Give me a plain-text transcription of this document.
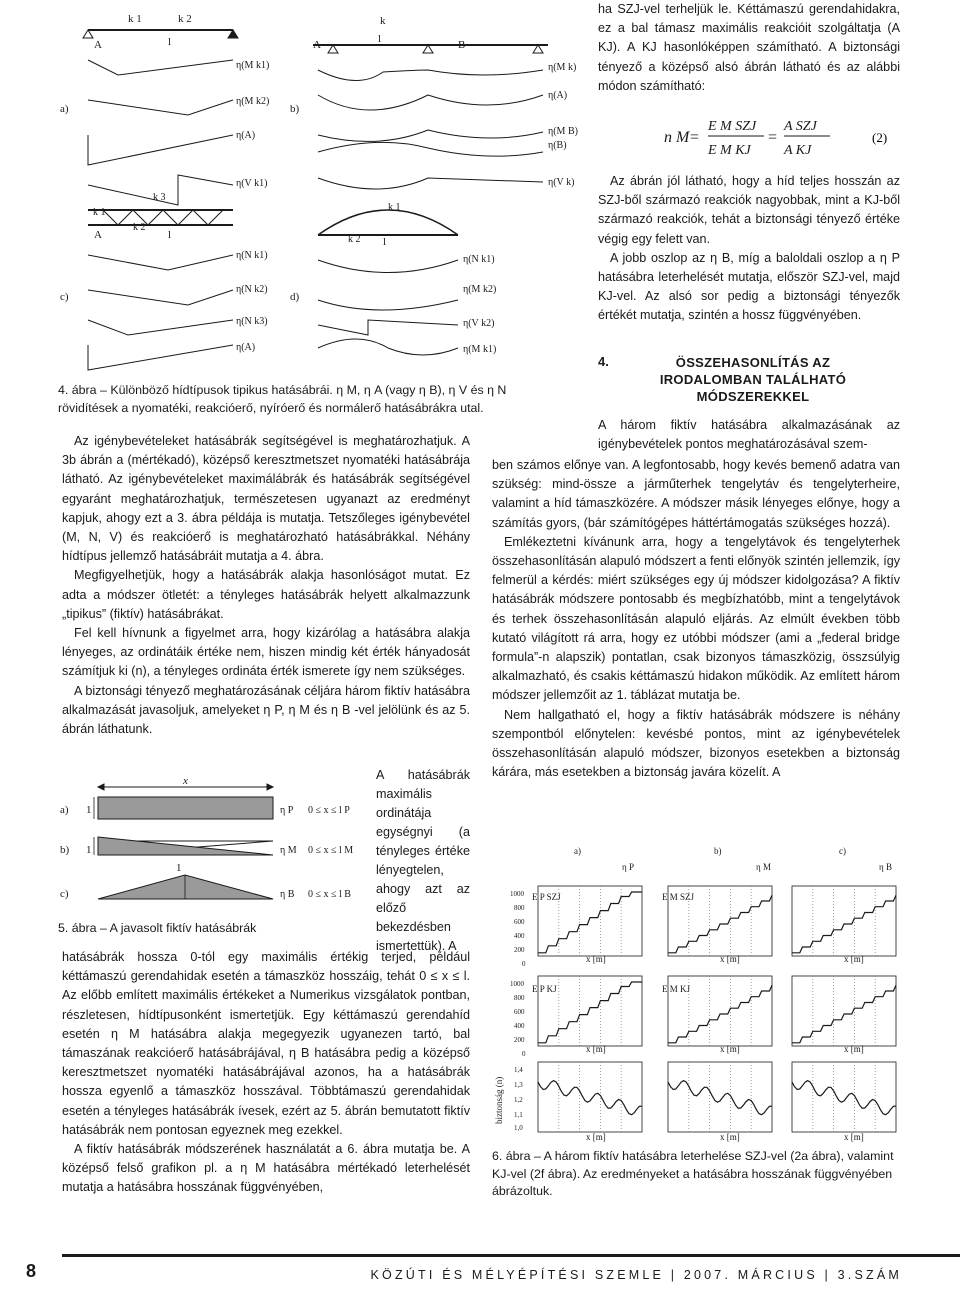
a)	b)
c)	d)
k 1	k 2
A	l
η(M k1)
η(M k2)
η(A)
k
A	l	B
η(M k)
η(A)
η(M B)
η(B)
η(V k)
k 1
k 2
k 3
A	l
η(V k1)
η(N k1)
η(N k2)
η(N k3)
η(A)
k 1
k 2 l
η(N k1)
η(M k2)
η(V k2)
η(M k1)
4. ábra – Különböző hídtípusok tipikus hatásábrái. η M, η A (vagy η B), η V és η N
rövidítések a nyomatéki, reakcióerő, nyíróerő és normálerő hatásábrákra utal.

Az igénybevételeket hatásábrák segítségével is meghatározhatjuk. A 3b ábrán a (mértékadó), középső keresztmetszet nyomatéki hatásábrája látható. Az igénybevételeket maximálábrák és hatásábrák segítségével egyaránt meghatározhatjuk, természetesen ugyanazt az eredményt kapjuk, ahogy ezt a 3. ábra példája is mutatja. Tetszőleges igénybevétel (M, N, V) és reakcióerő is meghatározható hatásábrákkal. Néhány hídtípus jellemző hatásábráit mutatja a 4. ábra.

Megfigyelhetjük, hogy a hatásábrák alakja hasonlóságot mutat. Ez adta a módszer ötletét: a tényleges hatásábrák helyett alkalmazzunk „tipikus” (fiktív) hatásábrákat.

Fel kell hívnunk a figyelmet arra, hogy kizárólag a hatásábra alakja lényeges, az ordinátáik értéke nem, hiszen mindig két érték hányadosát számítjuk ki (n), a tényleges ordináta érték ismerete így nem szükséges.

A biztonsági tényező meghatározásának céljára három fiktív hatásábra alkalmazását javasoljuk, amelyeket η P, η M és η B -vel jelölünk és az 5. ábrán láthatunk.

x
a) 1	η P 0 ≤ x ≤ l P
b) 1	η M 0 ≤ x ≤ l M
c)
1
η B 0 ≤ x ≤ l B
5. ábra – A javasolt fiktív hatásábrák
A hatásábrák maximális ordinátája egységnyi (a tényleges értéke lényegtelen, ahogy azt az előző bekezdésben ismertettük). A

hatásábrák hossza 0-tól egy maximális értékig terjed, például kéttámaszú gerendahidak esetén a támaszköz hosszáig, tehát 0 ≤ x ≤ l. Az előbb említett maximális értékeket a Numerikus vizsgálatok pontban, részletesen, hídtípusonként ismertetjük. Egy kéttámaszú gerendahíd esetén η M hatásábra alakja megegyezik ugyanezen tartó, bal támaszának reakcióerő hatásábrájával, η B hatásábra pedig a középső keresztmetszet nyomatéki hatásábrájával azonos, ha a hatásábrák hossza egyenlő a támaszköz hosszával. Többtámaszú gerendahidak esetén a tényleges hatásábrák ívesek, ezért az 5. ábrán bemutatott fiktív hatásábrák nem pontosan egyeznek meg ezekkel.

A fiktív hatásábrák módszerének használatát a 6. ábra mutatja be. A középső felső grafikon pl. a η M hatásábra mértékadó leterhelését mutatja a hatásábra hosszának függvényében,

ha SZJ-vel terheljük le. Kéttámaszú gerendahidakra, ez a bal támasz maximális reakcióit szolgáltatja (A KJ). A KJ hasonlóképpen számítható. A biztonsági tényező a középső alsó ábrán látható és az alábbi módon számítható:
n M =
E M SZJ
E M KJ
=
A SZJ
A KJ
(2)

Az ábrán jól látható, hogy a híd teljes hosszán az SZJ-ből származó reakciók nagyobbak, mint a KJ-ből származó reakciók, tehát a biztonsági tényező értéke végig egy felett van.

A jobb oszlop az η B, míg a baloldali oszlop a η P hatásábra leterhelését mutatja, először SZJ-vel, majd KJ-vel. Az alsó sor pedig a biztonsági tényezők értékét mutatja, szintén a hossz függvényében.

4.	ÖSSZEHASONLÍTÁS AZ
IRODALOMBAN TALÁLHATÓ
MÓDSZEREKKEL
A három fiktív hatásábra alkalmazásának az igénybevételek pontos meghatározásával szem-

ben számos előnye van. A legfontosabb, hogy kevés bemenő adatra van szükség: mind-össze a járműterhek tengelytáv és tengelyterheire, valamint a híd támaszközére. A módszer másik lényeges előnye, hogy a számítás gyors, (bár számítógépes háttértámogatás szükséges hozzá).

Emlékeztetni kívánunk arra, hogy a tengelytávok és tengelyterhek összehasonlításán alapuló módszert a fenti előnyök szintén jellemzik, így felmerül a kérdés: miért szükséges egy új módszer kidolgozása? A fiktív hatásábrák módszere pontosabb és megbízhatóbb, mint a tengelytávok és terhek összehasonlításán alapuló eljárás. Az elmúlt években több kutató világított rá arra, hogy ez utóbbi módszer (ami a „federal bridge formula”-n alapszik) pontatlan, csak bizonyos támaszközig, összsúlyig alkalmazható, és csakis kéttámaszú hidakon működik. Az említett három módszer jellemzőit az 1. táblázat mutatja be.

Nem hallgatható el, hogy a fiktív hatásábrák módszere is néhány szempontból előnytelen: kevésbé pontos, mint az igénybevételek összehasonlításán alapuló módszer, bizonyos esetekben a biztonság kárára, más esetekben a biztonság javára közelít. A

a)	b)	c)
η P	η M	η B
E P SZJ	E M SZJ
E P KJ	E M KJ
x [m]	x [m]	x [m]
x [m]	x [m]	x [m]
x [m]	x [m]	x [m]
biztonság (n)
1000
800
600
400
200
0
1000
800
600
400
200
0
1,4
1,3
1,2
1,1
1,0
6. ábra – A három fiktív hatásábra leterhelése SZJ-vel (2a ábra), valamint KJ-vel (2f ábra). Az eredményeket a hatásábra hosszának függvényében ábrázoltuk.
8	KÖZÚTI ÉS MÉLYÉPÍTÉSI SZEMLE | 2007. MÁRCIUS | 3.SZÁM
